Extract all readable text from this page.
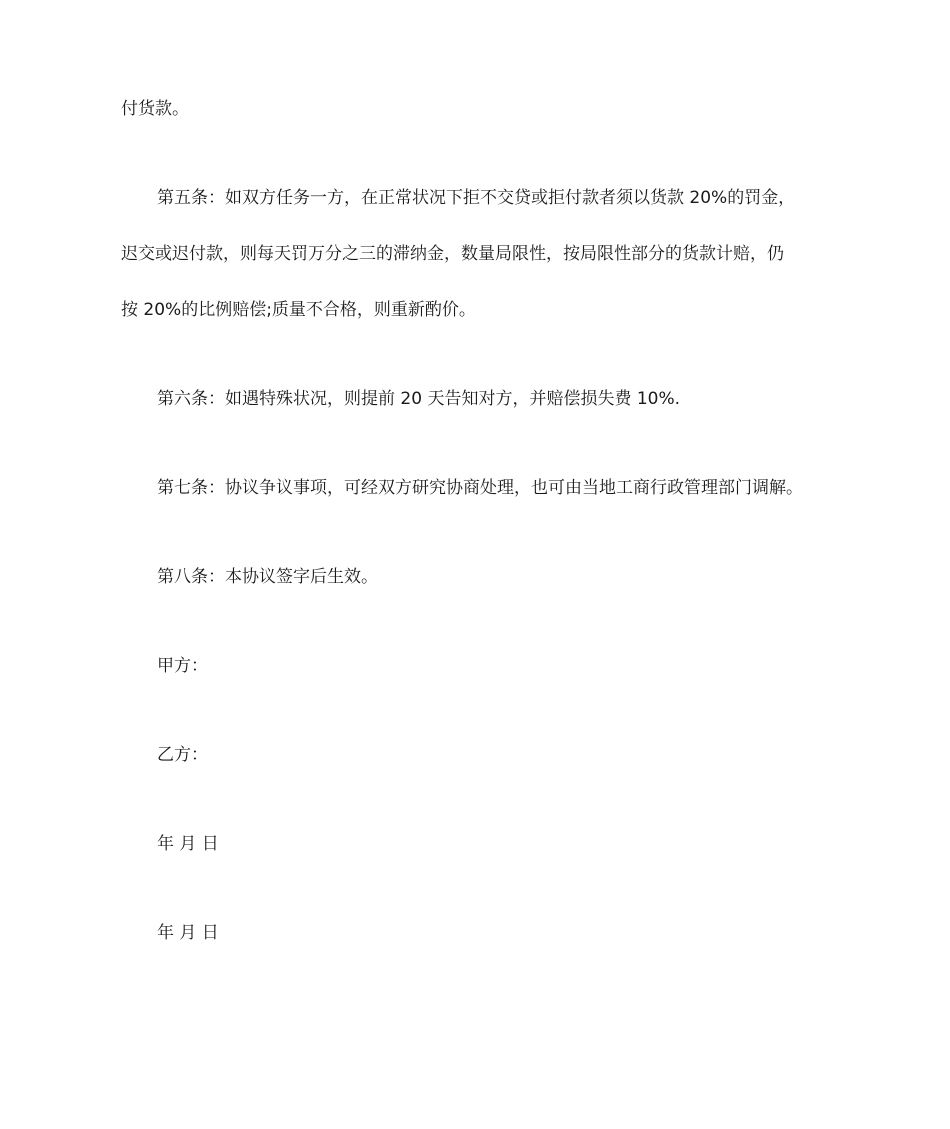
付货款。
第五条：如双方任务一方，在正常状况下拒不交贷或拒付款者须以货款 20%的罚金，
迟交或迟付款，则每天罚万分之三的滞纳金，数量局限性，按局限性部分的货款计赔，仍
按 20%的比例赔偿;质量不合格，则重新酌价。
第六条：如遇特殊状况，则提前 20 天告知对方，并赔偿损失费 10%.
第七条：协议争议事项，可经双方研究协商处理，也可由当地工商行政管理部门调解。
第八条：本协议签字后生效。
甲方：
乙方：
年 月 日
年 月 日
